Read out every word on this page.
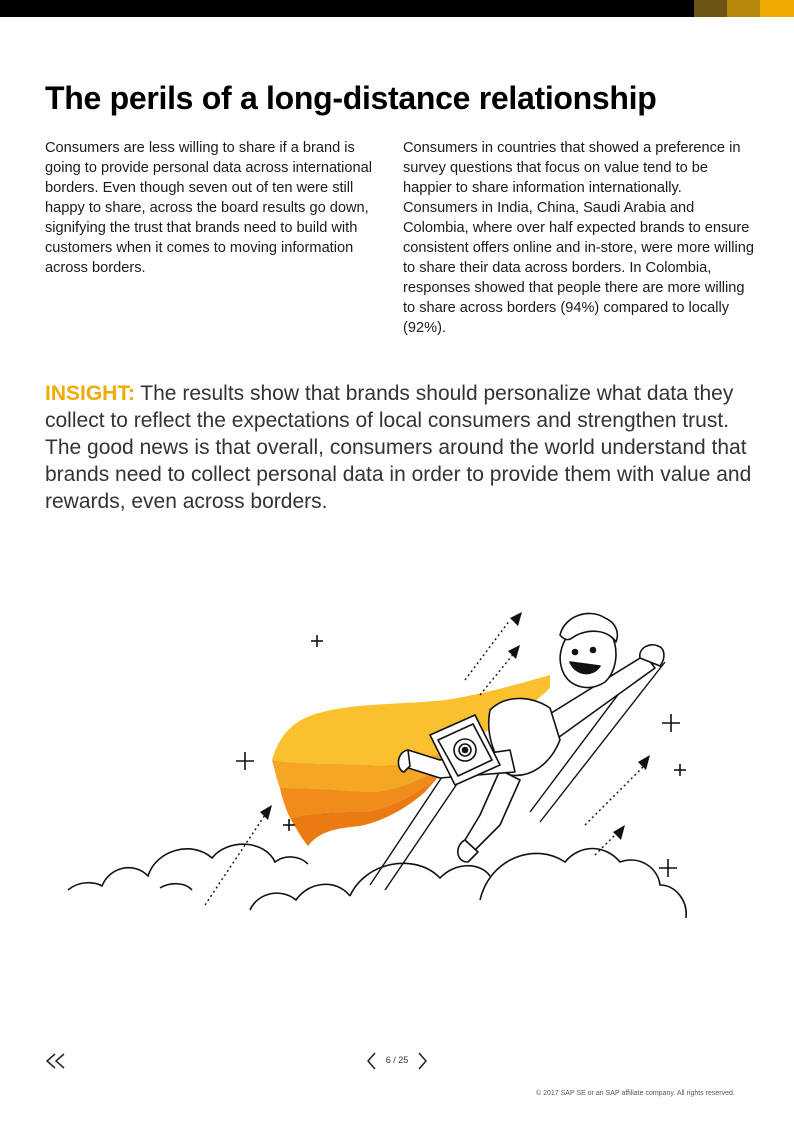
The perils of a long-distance relationship

Consumers are less willing to share if a brand is going to provide personal data across international borders. Even though seven out of ten were still happy to share, across the board results go down, signifying the trust that brands need to build with customers when it comes to moving information across borders.

Consumers in countries that showed a preference in survey questions that focus on value tend to be happier to share information internationally. Consumers in India, China, Saudi Arabia and Colombia, where over half expected brands to ensure consistent offers online and in-store, were more willing to share their data across borders. In Colombia, responses showed that people there are more willing to share across borders (94%) compared to locally (92%).

INSIGHT: The results show that brands should personalize what data they collect to reflect the expectations of local consumers and strengthen trust. The good news is that overall, consumers around the world understand that brands need to collect personal data in order to provide them with value and rewards, even across borders.

6 / 25
© 2017 SAP SE or an SAP affiliate company. All rights reserved.
